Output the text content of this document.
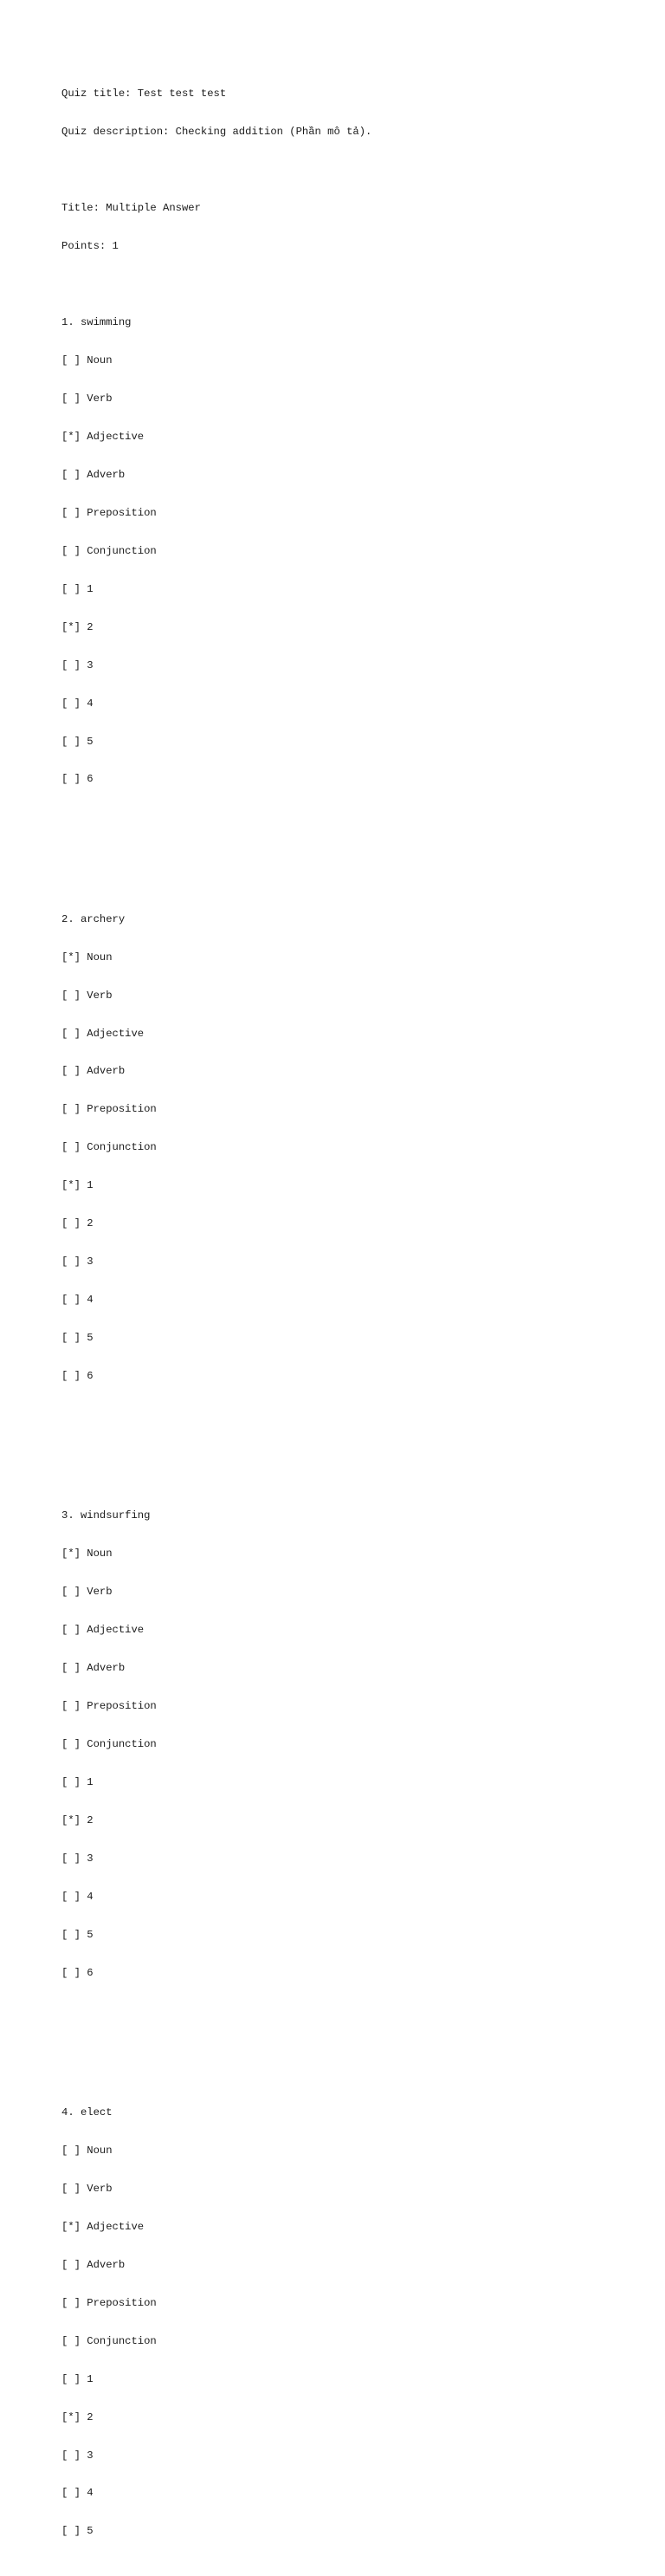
Quiz title: Test test test

Quiz description: Checking addition (Phần mô tả).

Title: Multiple Answer

Points: 1

1. swimming

[ ] Noun

[ ] Verb

[*] Adjective

[ ] Adverb

[ ] Preposition

[ ] Conjunction

[ ] 1

[*] 2

[ ] 3

[ ] 4

[ ] 5

[ ] 6

2. archery

[*] Noun

[ ] Verb

[ ] Adjective

[ ] Adverb

[ ] Preposition

[ ] Conjunction

[*] 1

[ ] 2

[ ] 3

[ ] 4

[ ] 5

[ ] 6

3. windsurfing

[*] Noun

[ ] Verb

[ ] Adjective

[ ] Adverb

[ ] Preposition

[ ] Conjunction

[ ] 1

[*] 2

[ ] 3

[ ] 4

[ ] 5

[ ] 6

4. elect

[ ] Noun

[ ] Verb

[*] Adjective

[ ] Adverb

[ ] Preposition

[ ] Conjunction

[ ] 1

[*] 2

[ ] 3

[ ] 4

[ ] 5
